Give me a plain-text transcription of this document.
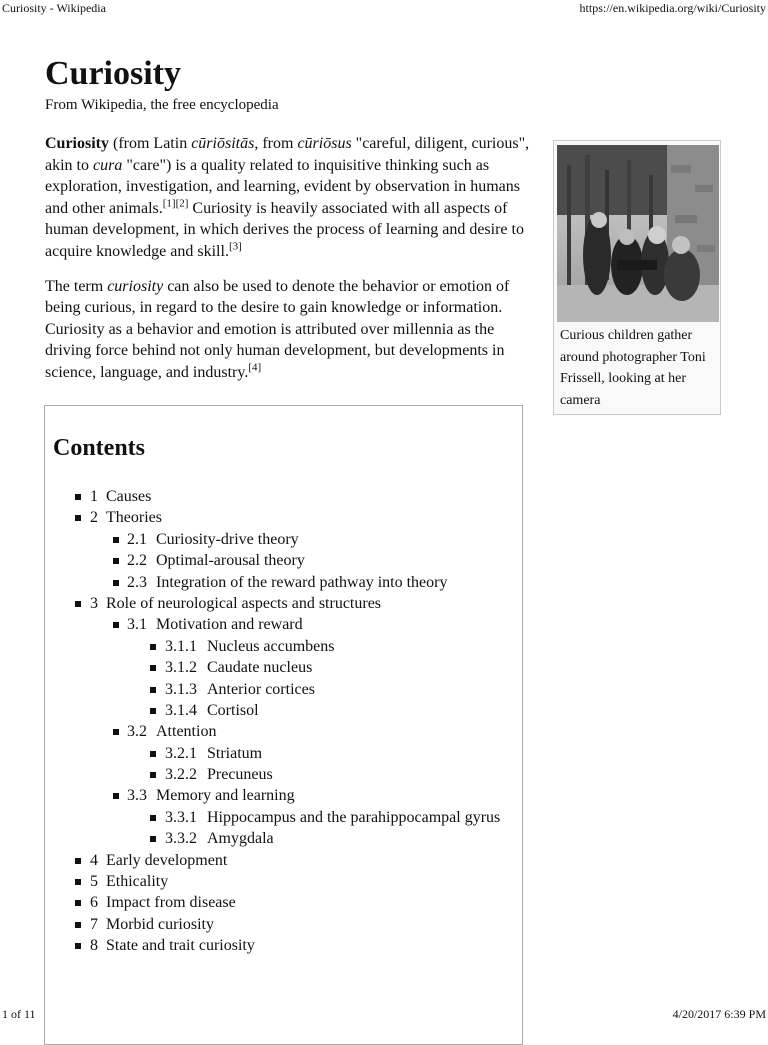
Curiosity - Wikipedia	https://en.wikipedia.org/wiki/Curiosity
Curiosity
From Wikipedia, the free encyclopedia

Curiosity (from Latin cūriōsitās, from cūriōsus "careful, diligent, curious", akin to cura "care") is a quality related to inquisitive thinking such as exploration, investigation, and learning, evident by observation in humans and other animals.[1][2] Curiosity is heavily associated with all aspects of human development, in which derives the process of learning and desire to acquire knowledge and skill.[3]

The term curiosity can also be used to denote the behavior or emotion of being curious, in regard to the desire to gain knowledge or information. Curiosity as a behavior and emotion is attributed over millennia as the driving force behind not only human development, but developments in science, language, and industry.[4]

Curious children gather around photographer Toni Frissell, looking at her camera
Contents
1 Causes
2 Theories
2.1 Curiosity-drive theory
2.2 Optimal-arousal theory
2.3 Integration of the reward pathway into theory
3 Role of neurological aspects and structures
3.1 Motivation and reward
3.1.1 Nucleus accumbens
3.1.2 Caudate nucleus
3.1.3 Anterior cortices
3.1.4 Cortisol
3.2 Attention
3.2.1 Striatum
3.2.2 Precuneus
3.3 Memory and learning
3.3.1 Hippocampus and the parahippocampal gyrus
3.3.2 Amygdala
4 Early development
5 Ethicality
6 Impact from disease
7 Morbid curiosity
8 State and trait curiosity
1 of 11	4/20/2017 6:39 PM
